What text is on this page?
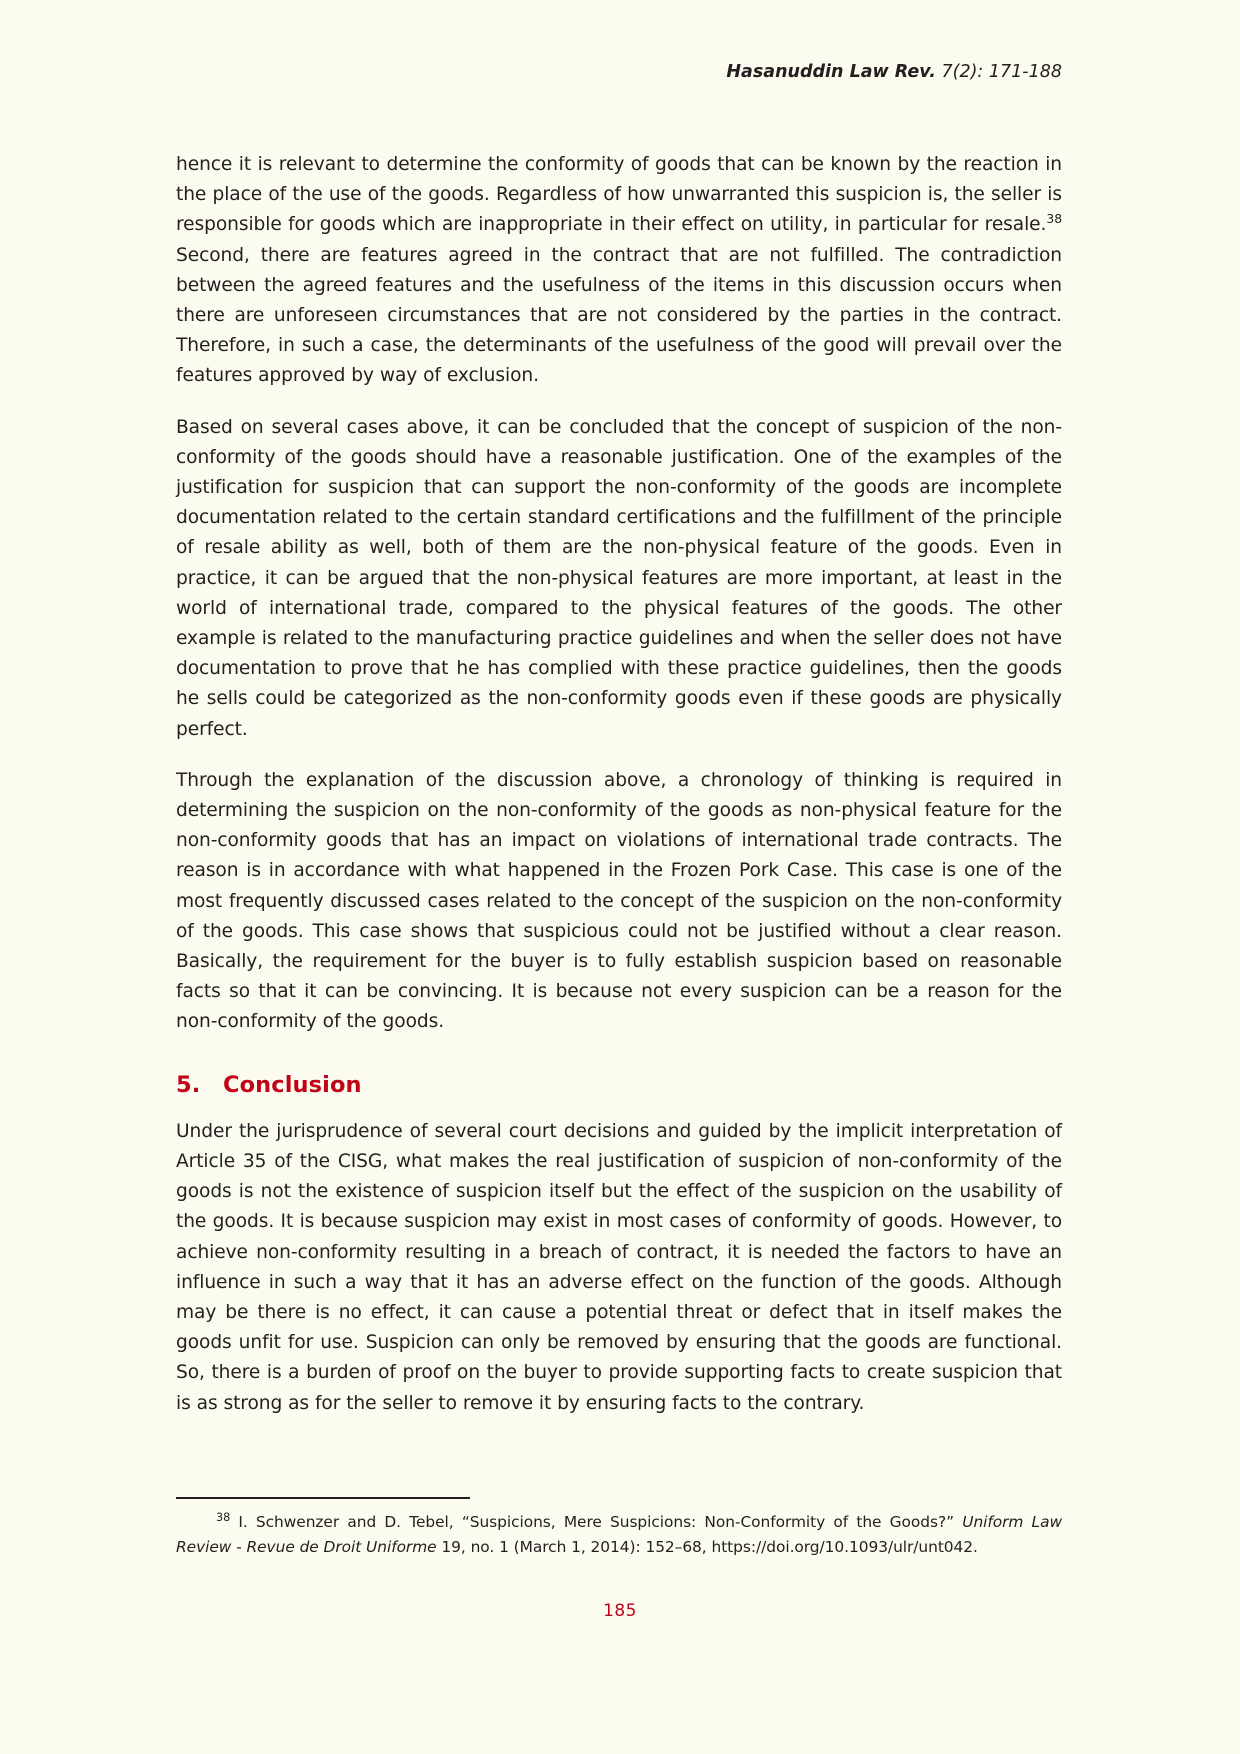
Hasanuddin Law Rev. 7(2): 171-188

hence it is relevant to determine the conformity of goods that can be known by the reaction in the place of the use of the goods. Regardless of how unwarranted this suspicion is, the seller is responsible for goods which are inappropriate in their effect on utility, in particular for resale.$^{38}$ Second, there are features agreed in the contract that are not fulfilled. The contradiction between the agreed features and the usefulness of the items in this discussion occurs when there are unforeseen circumstances that are not considered by the parties in the contract. Therefore, in such a case, the determinants of the usefulness of the good will prevail over the features approved by way of exclusion.

Based on several cases above, it can be concluded that the concept of suspicion of the non-conformity of the goods should have a reasonable justification. One of the examples of the justification for suspicion that can support the non-conformity of the goods are incomplete documentation related to the certain standard certifications and the fulfillment of the principle of resale ability as well, both of them are the non-physical feature of the goods. Even in practice, it can be argued that the non-physical features are more important, at least in the world of international trade, compared to the physical features of the goods. The other example is related to the manufacturing practice guidelines and when the seller does not have documentation to prove that he has complied with these practice guidelines, then the goods he sells could be categorized as the non-conformity goods even if these goods are physically perfect.

Through the explanation of the discussion above, a chronology of thinking is required in determining the suspicion on the non-conformity of the goods as non-physical feature for the non-conformity goods that has an impact on violations of international trade contracts. The reason is in accordance with what happened in the Frozen Pork Case. This case is one of the most frequently discussed cases related to the concept of the suspicion on the non-conformity of the goods. This case shows that suspicious could not be justified without a clear reason. Basically, the requirement for the buyer is to fully establish suspicion based on reasonable facts so that it can be convincing. It is because not every suspicion can be a reason for the non-conformity of the goods.

5.	Conclusion

Under the jurisprudence of several court decisions and guided by the implicit interpretation of Article 35 of the CISG, what makes the real justification of suspicion of non-conformity of the goods is not the existence of suspicion itself but the effect of the suspicion on the usability of the goods. It is because suspicion may exist in most cases of conformity of goods. However, to achieve non-conformity resulting in a breach of contract, it is needed the factors to have an influence in such a way that it has an adverse effect on the function of the goods. Although may be there is no effect, it can cause a potential threat or defect that in itself makes the goods unfit for use. Suspicion can only be removed by ensuring that the goods are functional. So, there is a burden of proof on the buyer to provide supporting facts to create suspicion that is as strong as for the seller to remove it by ensuring facts to the contrary.

$^{38}$ I. Schwenzer and D. Tebel, “Suspicions, Mere Suspicions: Non-Conformity of the Goods?” Uniform Law Review - Revue de Droit Uniforme 19, no. 1 (March 1, 2014): 152–68, https://doi.org/10.1093/ulr/unt042.

185
